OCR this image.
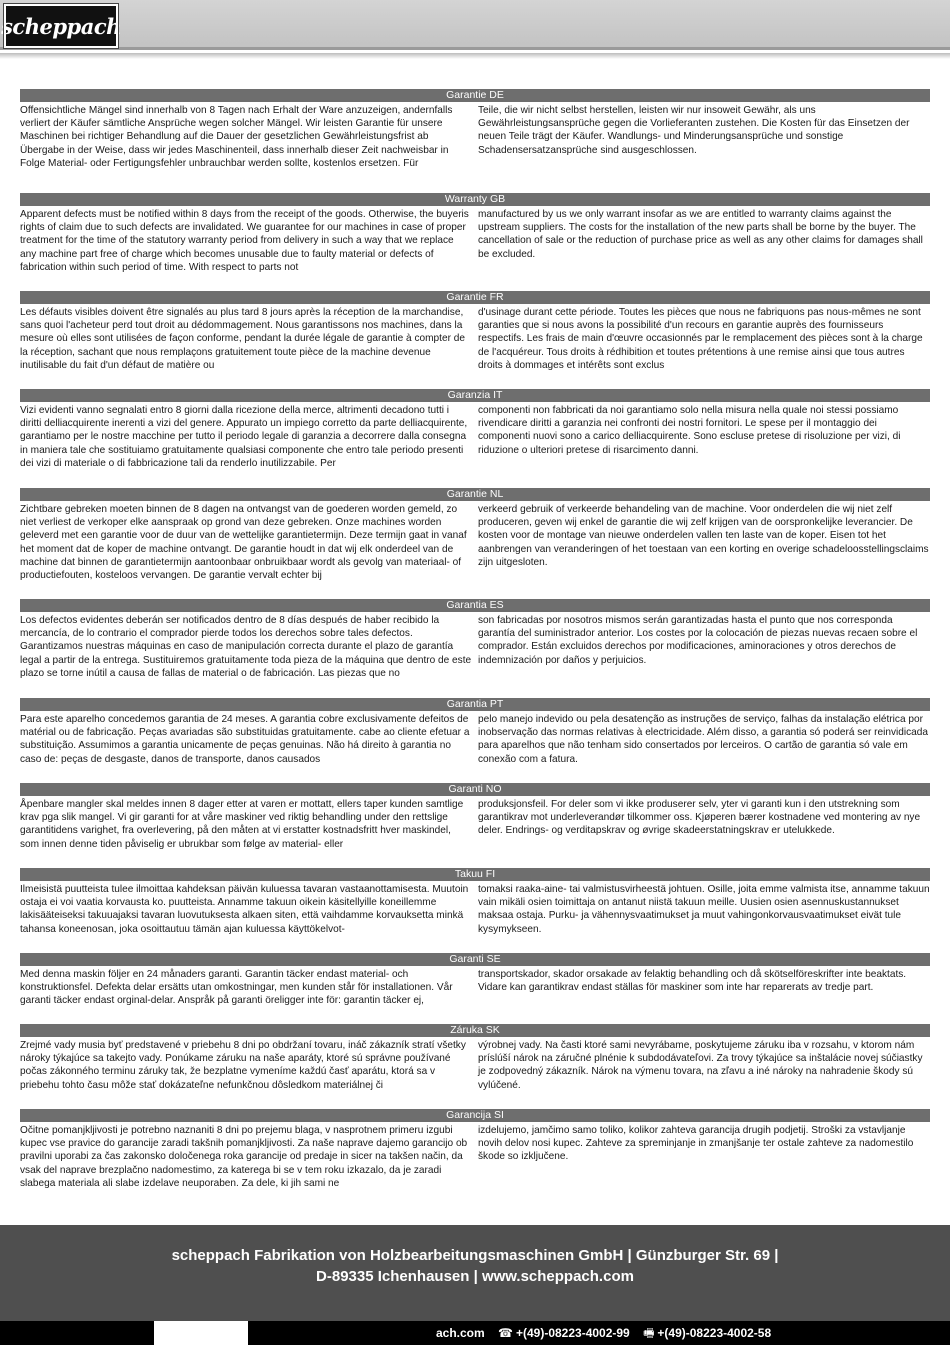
scheppach
Garantie DE
Offensichtliche Mängel sind innerhalb von 8 Tagen nach Erhalt der Ware anzuzeigen, andernfalls verliert der Käufer sämtliche Ansprüche wegen solcher Mängel. Wir leisten Garantie für unsere Maschinen bei richtiger Behandlung auf die Dauer der gesetzlichen Gewährleistungsfrist ab Übergabe in der Weise, dass wir jedes Maschinenteil, dass innerhalb dieser Zeit nachweisbar in Folge Material- oder Fertigungsfehler unbrauchbar werden sollte, kostenlos ersetzen. Für
Teile, die wir nicht selbst herstellen, leisten wir nur insoweit Gewähr, als uns Gewährleistungsansprüche gegen die Vorlieferanten zustehen. Die Kosten für das Einsetzen der neuen Teile trägt der Käufer. Wandlungs- und Minderungsansprüche und sonstige Schadensersatzansprüche sind ausgeschlossen.
Warranty GB
Apparent defects must be notified within 8 days from the receipt of the goods. Otherwise, the buyeris rights of claim due to such defects are invalidated. We guarantee for our machines in case of proper treatment for the time of the statutory warranty period from delivery in such a way that we replace any machine part free of charge which becomes unusable due to faulty material or defects of fabrication within such period of time. With respect to parts not
manufactured by us we only warrant insofar as we are entitled to warranty claims against the upstream suppliers. The costs for the installation of the new parts shall be borne by the buyer. The cancellation of sale or the reduction of purchase price as well as any other claims for damages shall be excluded.
Garantie FR
Les défauts visibles doivent être signalés au plus tard 8 jours après la réception de la marchandise, sans quoi l'acheteur perd tout droit au dédommagement. Nous garantissons nos machines, dans la mesure où elles sont utilisées de façon conforme, pendant la durée légale de garantie à compter de la réception, sachant que nous remplaçons gratuitement toute pièce de la machine devenue inutilisable du fait d'un défaut de matière ou
d'usinage durant cette période. Toutes les pièces que nous ne fabriquons pas nous-mêmes ne sont garanties que si nous avons la possibilité d'un recours en garantie auprès des fournisseurs respectifs. Les frais de main d'œuvre occasionnés par le remplacement des pièces sont à la charge de l'acquéreur. Tous droits à rédhibition et toutes prétentions à une remise ainsi que tous autres droits à dommages et intérêts sont exclus
Garanzia IT
Vizi evidenti vanno segnalati entro 8 giorni dalla ricezione della merce, altrimenti decadono tutti i diritti delliacquirente inerenti a vizi del genere. Appurato un impiego corretto da parte delliacquirente, garantiamo per le nostre macchine per tutto il periodo legale di garanzia a decorrere dalla consegna in maniera tale che sostituiamo gratuitamente qualsiasi componente che entro tale periodo presenti dei vizi di materiale o di fabbricazione tali da renderlo inutilizzabile. Per
componenti non fabbricati da noi garantiamo solo nella misura nella quale noi stessi possiamo rivendicare diritti a garanzia nei confronti dei nostri fornitori. Le spese per il montaggio dei componenti nuovi sono a carico delliacquirente. Sono escluse pretese di risoluzione per vizi, di riduzione o ulteriori pretese di risarcimento danni.
Garantie NL
Zichtbare gebreken moeten binnen de 8 dagen na ontvangst van de goederen worden gemeld, zo niet verliest de verkoper elke aanspraak op grond van deze gebreken. Onze machines worden geleverd met een garantie voor de duur van de wettelijke garantietermijn. Deze termijn gaat in vanaf het moment dat de koper de machine ontvangt. De garantie houdt in dat wij elk onderdeel van de machine dat binnen de garantietermijn aantoonbaar onbruikbaar wordt als gevolg van materiaal- of productiefouten, kosteloos vervangen. De garantie vervalt echter bij
verkeerd gebruik of verkeerde behandeling van de machine. Voor onderdelen die wij niet zelf produceren, geven wij enkel de garantie die wij zelf krijgen van de oorspronkelijke leverancier. De kosten voor de montage van nieuwe onderdelen vallen ten laste van de koper. Eisen tot het aanbrengen van veranderingen of het toestaan van een korting en overige schadeloosstellingsclaims zijn uitgesloten.
Garantia ES
Los defectos evidentes deberán ser notificados dentro de 8 días después de haber recibido la mercancía, de lo contrario el comprador pierde todos los derechos sobre tales defectos. Garantizamos nuestras máquinas en caso de manipulación correcta durante el plazo de garantía legal a partir de la entrega. Sustituiremos gratuitamente toda pieza de la máquina que dentro de este plazo se torne inútil a causa de fallas de material o de fabricación. Las piezas que no
son fabricadas por nosotros mismos serán garantizadas hasta el punto que nos corresponda garantía del suministrador anterior. Los costes por la colocación de piezas nuevas recaen sobre el comprador. Están excluidos derechos por modificaciones, aminoraciones y otros derechos de indemnización por daños y perjuicios.
Garantia PT
Para este aparelho concedemos garantia de 24 meses. A garantia cobre exclusivamente defeitos de matérial ou de fabricação. Peças avariadas são substituidas gratuitamente. cabe ao cliente efetuar a substituição. Assumimos a garantia unicamente de peças genuinas. Não há direito à garantia no caso de: peças de desgaste, danos de transporte, danos causados
pelo manejo indevido ou pela desatenção as instruções de serviço, falhas da instalação elétrica por inobservação das normas relativas à electricidade. Além disso, a garantia só poderá ser reinvidicada para aparelhos que não tenham sido consertados por lerceiros. O cartão de garantia só vale em conexão com a fatura.
Garanti NO
Åpenbare mangler skal meldes innen 8 dager etter at varen er mottatt, ellers taper kunden samtlige krav pga slik mangel. Vi gir garanti for at våre maskiner ved riktig behandling under den rettslige garantitidens varighet, fra overlevering, på den måten at vi erstatter kostnadsfritt hver maskindel, som innen denne tiden påviselig er ubrukbar som følge av material- eller
produksjonsfeil. For deler som vi ikke produserer selv, yter vi garanti kun i den utstrekning som garantikrav mot underleverandør tilkommer oss. Kjøperen bærer kostnadene ved montering av nye deler. Endrings- og verditapskrav og øvrige skadeerstatningskrav er utelukkede.
Takuu FI
Ilmeisistä puutteista tulee ilmoittaa kahdeksan päivän kuluessa tavaran vastaanottamisesta. Muutoin ostaja ei voi vaatia korvausta ko. puutteista. Annamme takuun oikein käsitellyille koneillemme lakisääteiseksi takuuajaksi tavaran luovutuksesta alkaen siten, että vaihdamme korvauksetta minkä tahansa koneenosan, joka osoittautuu tämän ajan kuluessa käyttökelvot-
tomaksi raaka-aine- tai valmistusvirheestä johtuen. Osille, joita emme valmista itse, annamme takuun vain mikäli osien toimittaja on antanut niistä takuun meille. Uusien osien asennuskustannukset maksaa ostaja. Purku- ja vähennysvaatimukset ja muut vahingonkorvausvaatimukset eivät tule kysymykseen.
Garanti SE
Med denna maskin följer en 24 månaders garanti. Garantin täcker endast material- och konstruktionsfel. Defekta delar ersätts utan omkostningar, men kunden står för installationen. Vår garanti täcker endast orginal-delar. Anspråk på garanti öreligger inte för: garantin täcker ej,
transportskador, skador orsakade av felaktig behandling och då skötselföreskrifter inte beaktats. Vidare kan garantikrav endast ställas för maskiner som inte har reparerats av tredje part.
Záruka SK
Zrejmé vady musia byť predstavené v priebehu 8 dni po obdržaní tovaru, ináč zákazník stratí všetky nároky týkajúce sa takejto vady. Ponúkame záruku na naše aparáty, ktoré sú správne používané počas zákonného terminu záruky tak, že bezplatne vymeníme každú časť aparátu, ktorá sa v priebehu tohto času môže stať dokázateľne nefunkčnou dôsledkom materiálnej či
výrobnej vady. Na časti ktoré sami nevyrábame, poskytujeme záruku iba v rozsahu, v ktorom nám príslúší nárok na záručné plnénie k subdodávateľovi. Za trovy týkajúce sa inštalácie novej súčiastky je zodpovedný zákazník. Nárok na výmenu tovara, na zľavu a iné nároky na nahradenie škody sú vylúčené.
Garancija SI
Očitne pomanjkljivosti je potrebno naznaniti 8 dni po prejemu blaga, v nasprotnem primeru izgubi kupec vse pravice do garancije zaradi takšnih pomanjkljivosti. Za naše naprave dajemo garancijo ob pravilni uporabi za čas zakonsko določenega roka garancije od predaje in sicer na takšen način, da vsak del naprave brezplačno nadomestimo, za katerega bi se v tem roku izkazalo, da je zaradi slabega materiala ali slabe izdelave neuporaben. Za dele, ki jih sami ne
izdelujemo, jamčimo samo toliko, kolikor zahteva garancija drugih podjetij. Stroški za vstavljanje novih delov nosi kupec. Zahteve za spreminjanje in zmanjšanje ter ostale zahteve za nadomestilo škode so izključene.
scheppach Fabrikation von Holzbearbeitungsmaschinen GmbH | Günzburger Str. 69 |
D-89335 Ichenhausen | www.scheppach.com
ach.com ☎ +(49)-08223-4002-99 🖷 +(49)-08223-4002-58
